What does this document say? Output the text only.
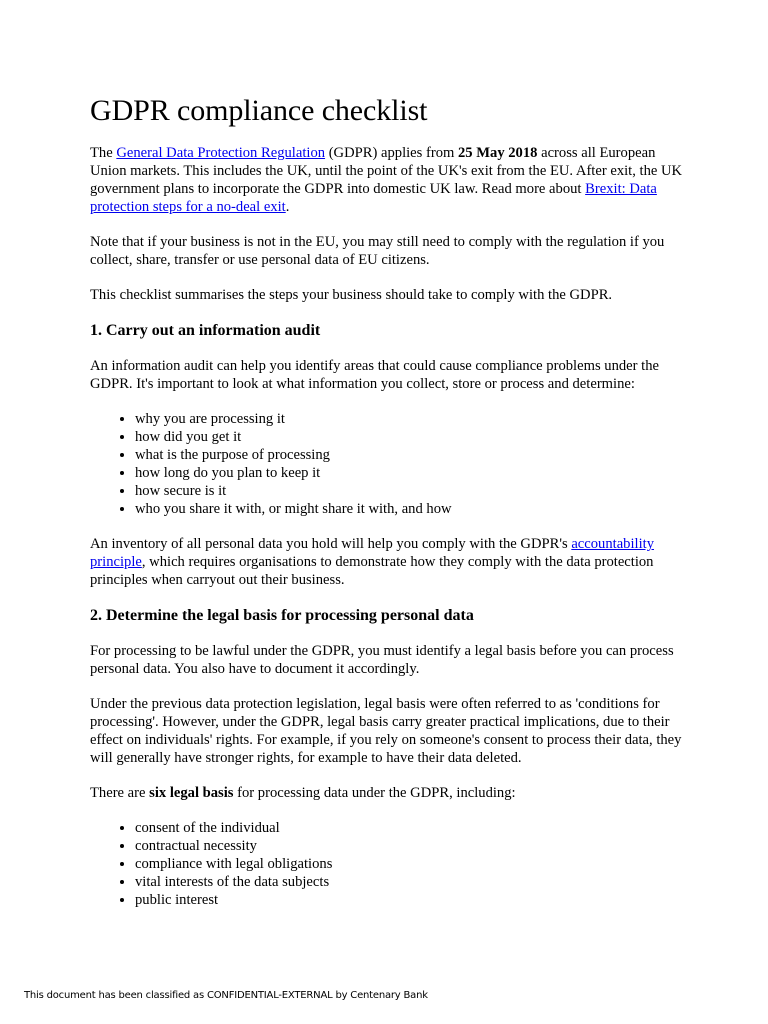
GDPR compliance checklist

The General Data Protection Regulation (GDPR) applies from 25 May 2018 across all European Union markets. This includes the UK, until the point of the UK's exit from the EU. After exit, the UK government plans to incorporate the GDPR into domestic UK law. Read more about Brexit: Data protection steps for a no-deal exit.

Note that if your business is not in the EU, you may still need to comply with the regulation if you collect, share, transfer or use personal data of EU citizens.

This checklist summarises the steps your business should take to comply with the GDPR.

1. Carry out an information audit

An information audit can help you identify areas that could cause compliance problems under the GDPR. It's important to look at what information you collect, store or process and determine:

• why you are processing it
• how did you get it
• what is the purpose of processing
• how long do you plan to keep it
• how secure is it
• who you share it with, or might share it with, and how

An inventory of all personal data you hold will help you comply with the GDPR's accountability principle, which requires organisations to demonstrate how they comply with the data protection principles when carryout out their business.

2. Determine the legal basis for processing personal data

For processing to be lawful under the GDPR, you must identify a legal basis before you can process personal data. You also have to document it accordingly.

Under the previous data protection legislation, legal basis were often referred to as 'conditions for processing'. However, under the GDPR, legal basis carry greater practical implications, due to their effect on individuals' rights. For example, if you rely on someone's consent to process their data, they will generally have stronger rights, for example to have their data deleted.

There are six legal basis for processing data under the GDPR, including:

• consent of the individual
• contractual necessity
• compliance with legal obligations
• vital interests of the data subjects
• public interest
This document has been classified as CONFIDENTIAL-EXTERNAL by Centenary Bank
